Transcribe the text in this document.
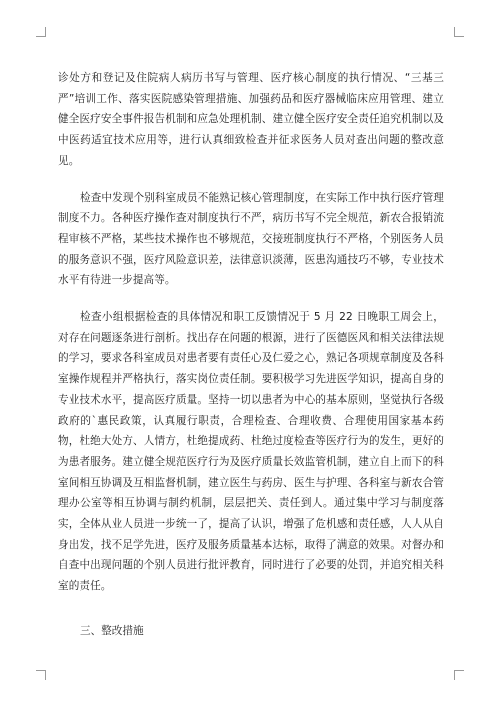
诊处方和登记及住院病人病历书写与管理、医疗核心制度的执行情况、“三基三严”培训工作、落实医院感染管理措施、加强药品和医疗器械临床应用管理、建立健全医疗安全事件报告机制和应急处理机制、建立健全医疗安全责任追究机制以及中医药适宜技术应用等，进行认真细致检查并征求医务人员对查出问题的整改意见。

检查中发现个别科室成员不能熟记核心管理制度，在实际工作中执行医疗管理制度不力。各种医疗操作查对制度执行不严，病历书写不完全规范，新农合报销流程审核不严格，某些技术操作也不够规范，交接班制度执行不严格，个别医务人员的服务意识不强，医疗风险意识差，法律意识淡薄，医患沟通技巧不够，专业技术水平有待进一步提高等。

检查小组根据检查的具体情况和职工反馈情况于 5 月 22 日晚职工周会上，对存在问题逐条进行剖析。找出存在问题的根源，进行了医德医风和相关法律法规的学习，要求各科室成员对患者要有责任心及仁爱之心，熟记各项规章制度及各科室操作规程并严格执行，落实岗位责任制。要积极学习先进医学知识，提高自身的专业技术水平，提高医疗质量。坚持一切以患者为中心的基本原则，坚觉执行各级政府的`惠民政策，认真履行职责，合理检查、合理收费、合理使用国家基本药物，杜绝大处方、人情方，杜绝提成药、杜绝过度检查等医疗行为的发生，更好的为患者服务。建立健全规范医疗行为及医疗质量长效监管机制，建立自上而下的科室间相互协调及互相监督机制，建立医生与药房、医生与护理、各科室与新农合管理办公室等相互协调与制约机制，层层把关、责任到人。通过集中学习与制度落实，全体从业人员进一步统一了，提高了认识，增强了危机感和责任感，人人从自身出发，找不足学先进，医疗及服务质量基本达标，取得了满意的效果。对督办和自查中出现问题的个别人员进行批评教育，同时进行了必要的处罚，并追究相关科室的责任。

三、整改措施
